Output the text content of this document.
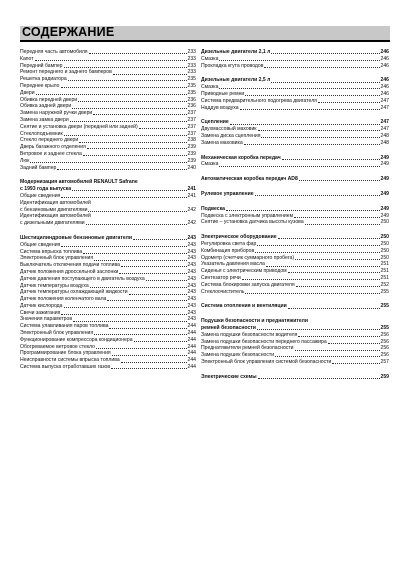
СОДЕРЖАНИЕ
Передняя часть автомобиля	233
Капот	233
Передний бампер	233
Ремонт переднего и заднего бамперов	233
Решетка радиатора	235
Переднее крыло	235
Двери	235
Обивка передней двери	236
Обивка задней двери	236
Замена наружной ручки двери	237
Замена замка двери	237
Снятие и установка двери (передней или задней)	237
Стеклоподъемник	237
Стекло переднего двери	238
Дверь багажного отделения	239
Ветровое и заднее стекла	239
Люк	239
Задний бампер	240
Модернизация автомобилей RENAULT Safrane
с 1993 года выпуска	241
Общие сведения	241
Идентификация автомобилей
с бензиновыми двигателями	242
Идентификация автомобилей
с дизельными двигателями	242
Шестицилиндровые бензиновые двигатели	243
Общие сведения	243
Система впрыска топлива	243
Электронный блок управления	243
Выключатель отключения подачи топлива	243
Датчик положения дроссельной заслонки	243
Датчик давления поступающего в двигатель воздуха	243
Датчик температуры воздуха	243
Датчик температуры охлаждающей жидкости	243
Датчик положения коленчатого вала	243
Датчик кислорода	243
Свечи зажигания	243
Значения параметров	243
Система улавливания паров топлива	244
Электронный блок управления	244
Функционирование компрессора кондиционера	244
Обогреваемое ветровое стекло	244
Программирование блока управления	244
Неисправности системы впрыска топлива	244
Система выпуска отработавших газов	244
Дизельные двигатели 2,1 л	246
Смазка	246
Прокладка кгута проводов	246
Дизельные двигатели 2,5 л	246
Смазка	246
Приводные ремни	246
Система предварительного подогрева двигателя	247
Наддув воздуха	247
Сцепление	247
Двухмассовый маховик	247
Замена диска сцепления	248
Замена маховика	248
Механическая коробка передач	249
Смазка	249
Автоматическая коробка передач AD8	249
Рулевое управление	249
Подвеска	249
Подвеска с электронным управлением	249
Снятие – установка датчика высоты кузова	250
Электрическое оборудование	250
Регулировка света фар	250
Комбинация приборов	250
Одометр (счетчик суммарного пробега)	250
Указатель давления масла	251
Сиденья с электрическим приводом	251
Синтезатор речи	251
Система блокировки запуска двигателя	252
Стеклоочиститель	255
Система отопления и вентиляции	255
Подушки безопасности и преднатяжители
ремней безопасности	255
Замена подушки безопасности водителя	256
Замена подушки безопасности переднего пассажира	256
Преднатяжители ремней безопасности	256
Замена подушек безопасности	256
Электронный блок управления системой безопасности	257
Электрические схемы	259
